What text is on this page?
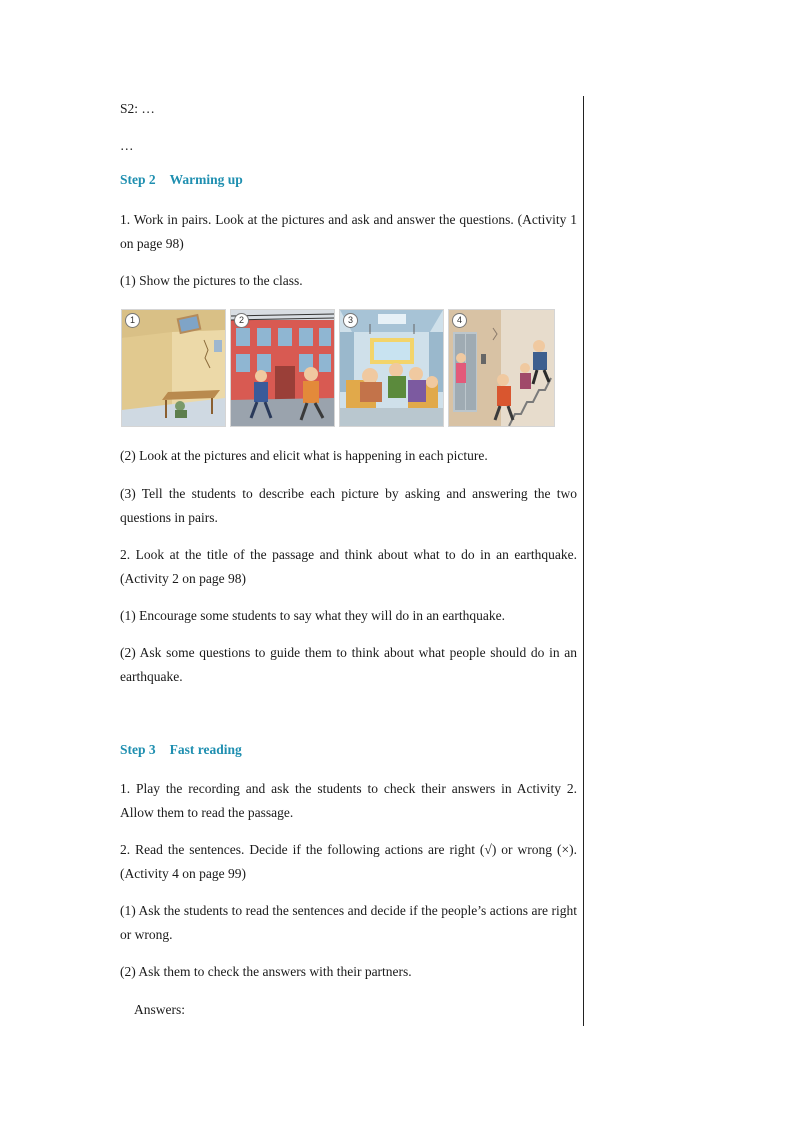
S2: …

…

Step 2 Warming up

1. Work in pairs. Look at the pictures and ask and answer the questions. (Activity 1 on page 98)

(1) Show the pictures to the class.

1	2	3	4

(2) Look at the pictures and elicit what is happening in each picture.

(3) Tell the students to describe each picture by asking and answering the two questions in pairs.

2. Look at the title of the passage and think about what to do in an earthquake. (Activity 2 on page 98)

(1) Encourage some students to say what they will do in an earthquake.

(2) Ask some questions to guide them to think about what people should do in an earthquake.

Step 3 Fast reading

1. Play the recording and ask the students to check their answers in Activity 2. Allow them to read the passage.

2. Read the sentences. Decide if the following actions are right (√) or wrong (×). (Activity 4 on page 99)

(1) Ask the students to read the sentences and decide if the people’s actions are right or wrong.

(2) Ask them to check the answers with their partners.

Answers:
